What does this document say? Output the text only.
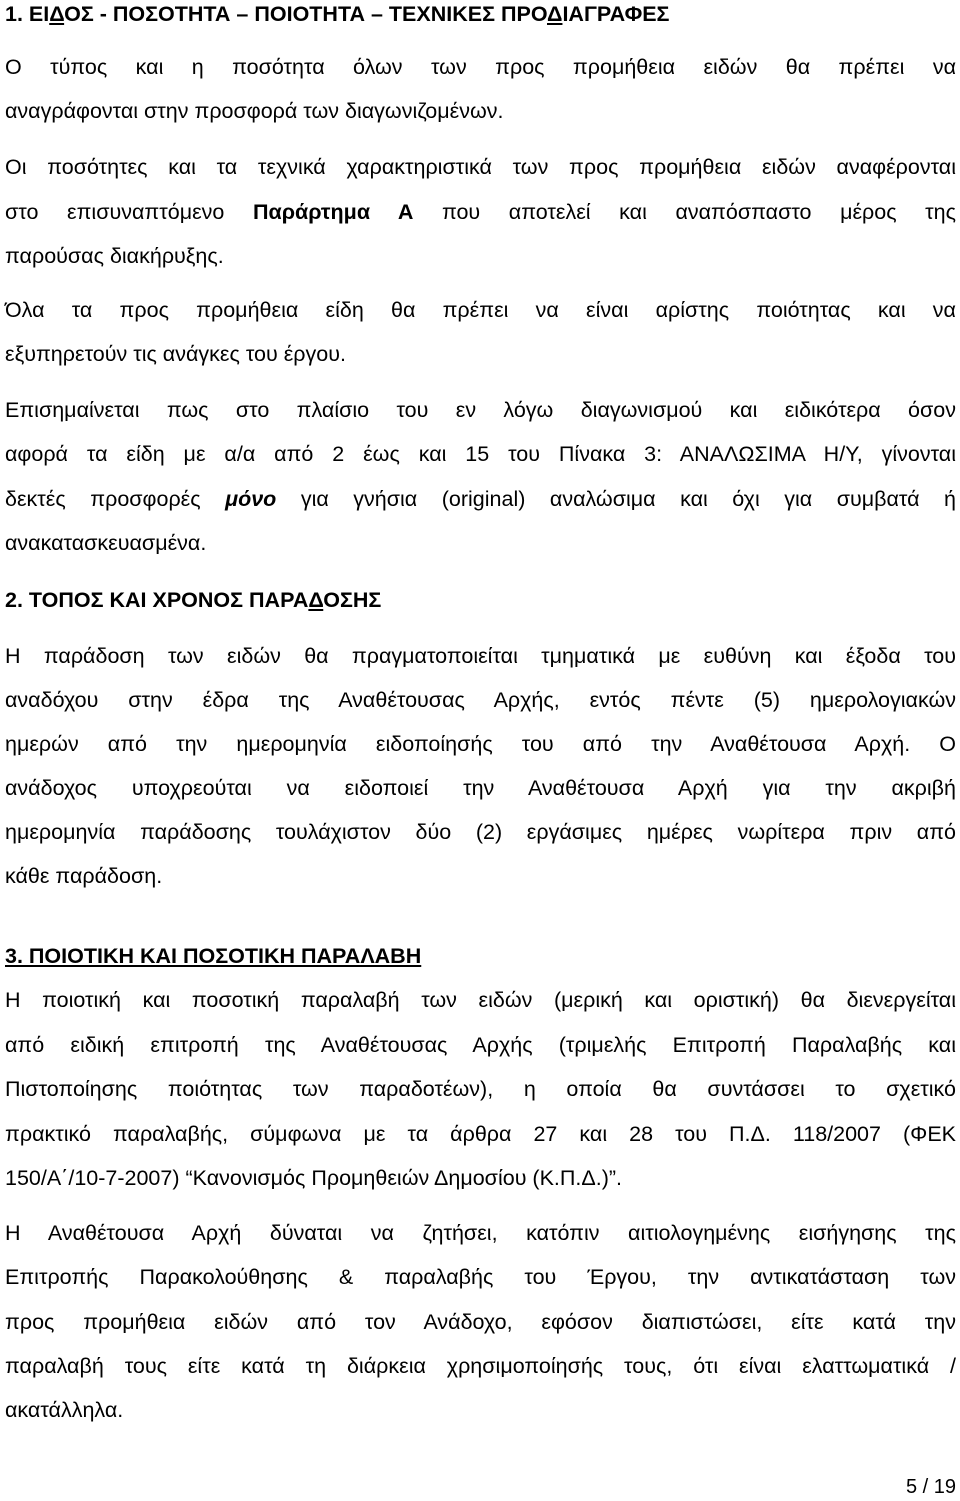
1. ΕΙΔΟΣ - ΠΟΣΟΤΗΤΑ – ΠΟΙΟΤΗΤΑ – ΤΕΧΝΙΚΕΣ ΠΡΟΔΙΑΓΡΑΦΕΣ
Ο τύπος και η ποσότητα όλων των προς προμήθεια ειδών θα πρέπει να
αναγράφονται στην προσφορά των διαγωνιζομένων.
Οι ποσότητες και τα τεχνικά χαρακτηριστικά των προς προμήθεια ειδών αναφέρονται
στο επισυναπτόμενο Παράρτημα Α που αποτελεί και αναπόσπαστο μέρος της
παρούσας διακήρυξης.
Όλα τα προς προμήθεια είδη θα πρέπει να είναι αρίστης ποιότητας και να
εξυπηρετούν τις ανάγκες του έργου.
Επισημαίνεται πως στο πλαίσιο του εν λόγω διαγωνισμού και ειδικότερα όσον
αφορά τα είδη με α/α από 2 έως και 15 του Πίνακα 3: ΑΝΑΛΩΣΙΜΑ Η/Υ, γίνονται
δεκτές προσφορές μόνο για γνήσια (original) αναλώσιμα και όχι για συμβατά ή
ανακατασκευασμένα.
2. ΤΟΠΟΣ ΚΑΙ ΧΡΟΝΟΣ ΠΑΡΑΔΟΣΗΣ
Η παράδοση των ειδών θα πραγματοποιείται τμηματικά με ευθύνη και έξοδα του
αναδόχου στην έδρα της Αναθέτουσας Αρχής, εντός πέντε (5) ημερολογιακών
ημερών από την ημερομηνία ειδοποίησής του από την Αναθέτουσα Αρχή. Ο
ανάδοχος υποχρεούται να ειδοποιεί την Αναθέτουσα Αρχή για την ακριβή
ημερομηνία παράδοσης τουλάχιστον δύο (2) εργάσιμες ημέρες νωρίτερα πριν από
κάθε παράδοση.
3. ΠΟΙΟΤΙΚΗ ΚΑΙ ΠΟΣΟΤΙΚΗ ΠΑΡΑΛΑΒΗ
Η ποιοτική και ποσοτική παραλαβή των ειδών (μερική και οριστική) θα διενεργείται
από ειδική επιτροπή της Αναθέτουσας Αρχής (τριμελής Επιτροπή Παραλαβής και
Πιστοποίησης ποιότητας των παραδοτέων), η οποία θα συντάσσει το σχετικό
πρακτικό παραλαβής, σύμφωνα με τα άρθρα 27 και 28 του Π.Δ. 118/2007 (ΦΕΚ
150/Α΄/10-7-2007) “Κανονισμός Προμηθειών Δημοσίου (Κ.Π.Δ.)”.
Η Αναθέτουσα Αρχή δύναται να ζητήσει, κατόπιν αιτιολογημένης εισήγησης της
Επιτροπής Παρακολούθησης & παραλαβής του Έργου, την αντικατάσταση των
προς προμήθεια ειδών από τον Ανάδοχο, εφόσον διαπιστώσει, είτε κατά την
παραλαβή τους είτε κατά τη διάρκεια χρησιμοποίησής τους, ότι είναι ελαττωματικά /
ακατάλληλα.
5 / 19
